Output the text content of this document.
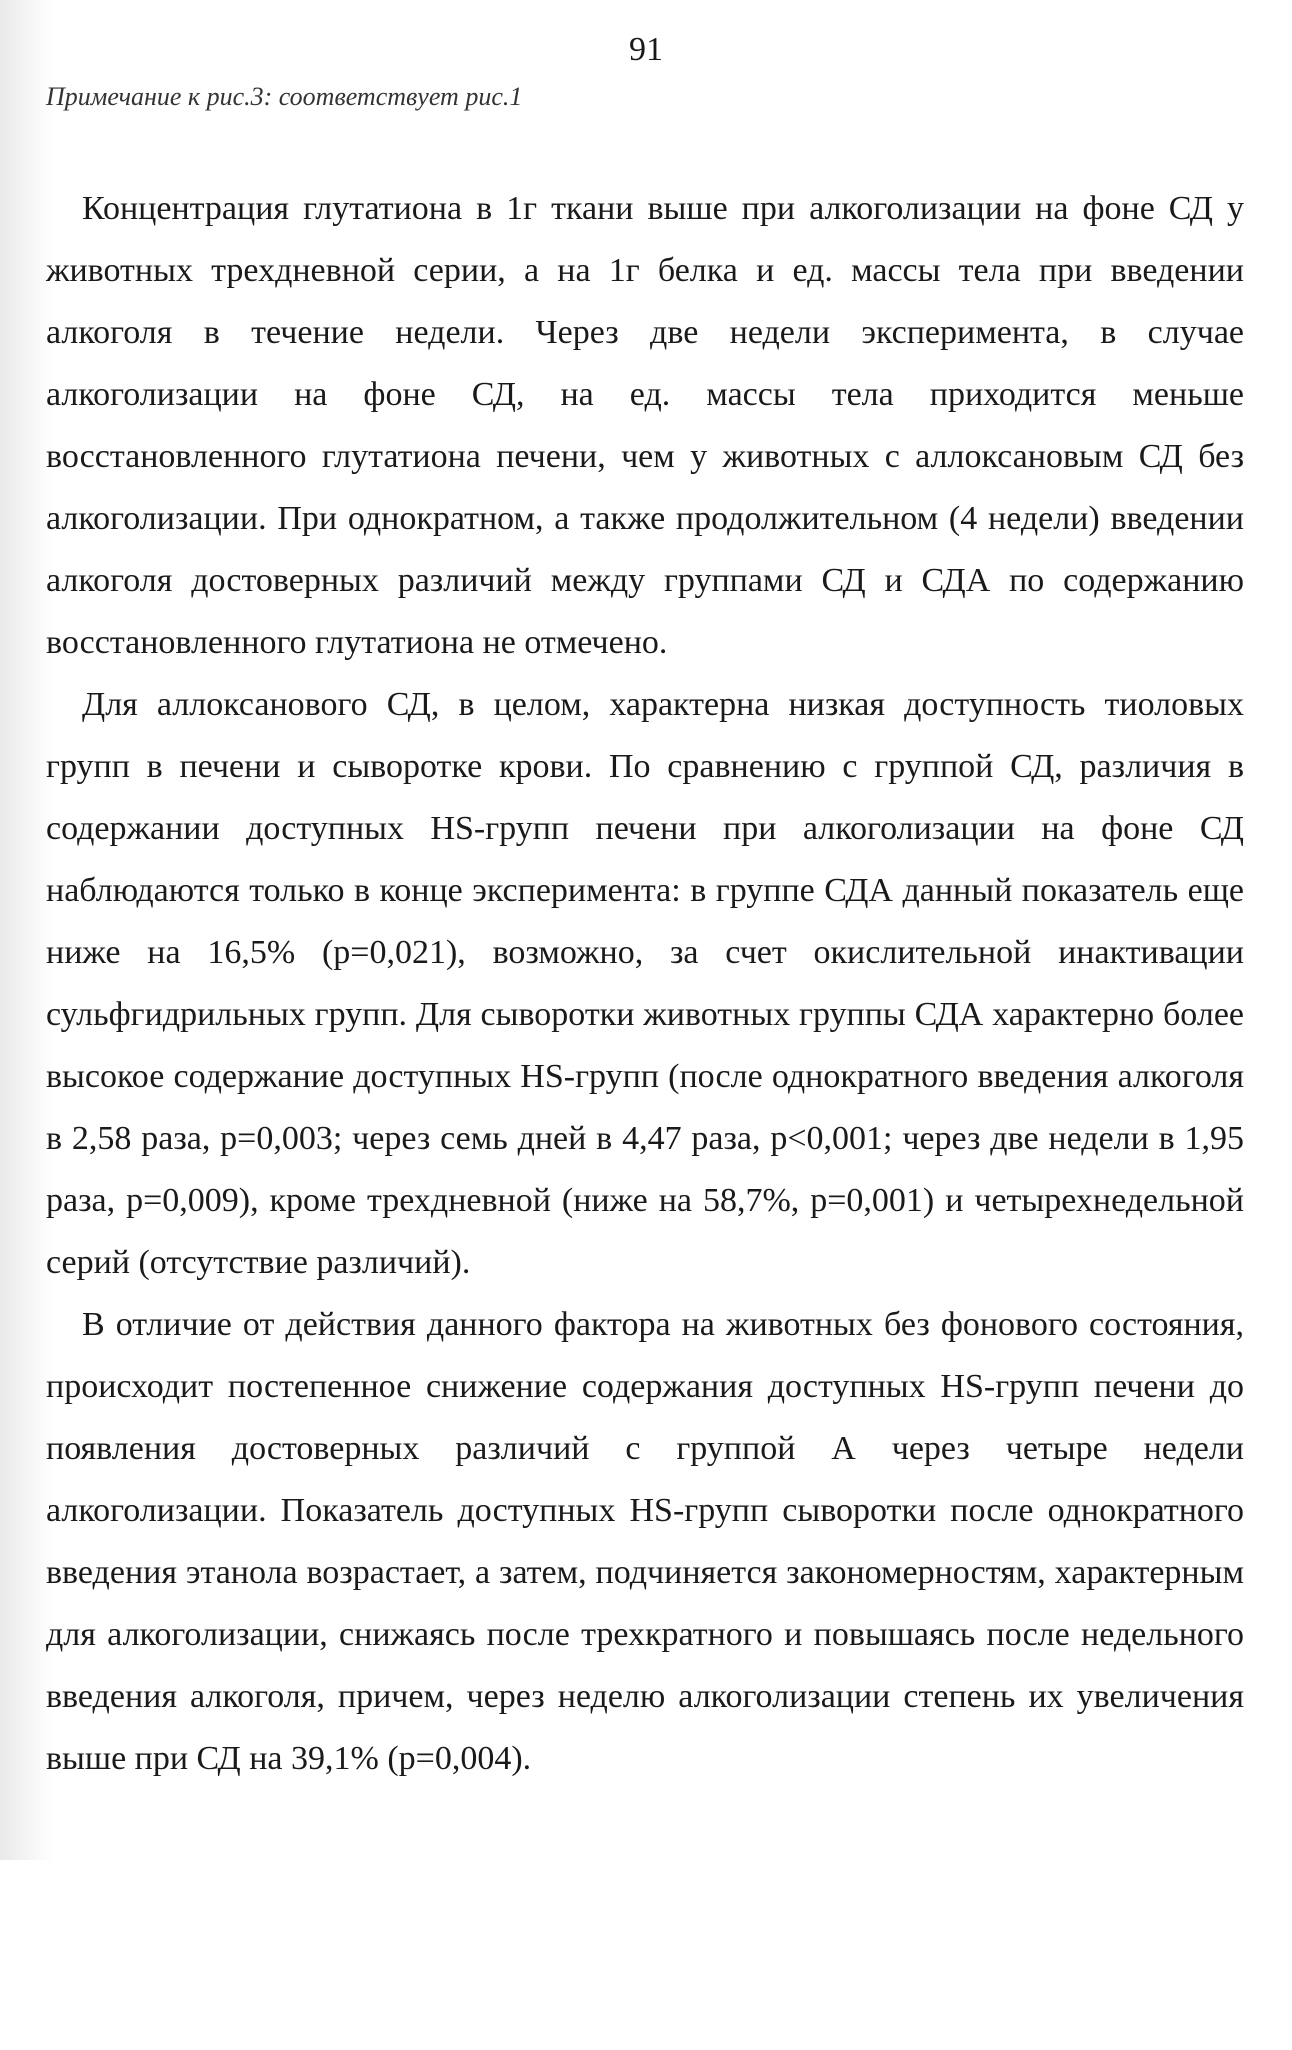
91
Примечание к рис.3: соответствует рис.1

Концентрация глутатиона в 1г ткани выше при алкоголизации на фоне СД у животных трехдневной серии, а на 1г белка и ед. массы тела при введении алкоголя в течение недели. Через две недели эксперимента, в случае алкоголизации на фоне СД, на ед. массы тела приходится меньше восстановленного глутатиона печени, чем у животных с аллоксановым СД без алкоголизации. При однократном, а также продолжительном (4 недели) введении алкоголя достоверных различий между группами СД и СДА по содержанию восстановленного глутатиона не отмечено.

Для аллоксанового СД, в целом, характерна низкая доступность тиоловых групп в печени и сыворотке крови. По сравнению с группой СД, различия в содержании доступных HS-групп печени при алкоголизации на фоне СД наблюдаются только в конце эксперимента: в группе СДА данный показатель еще ниже на 16,5% (р=0,021), возможно, за счет окислительной инактивации сульфгидрильных групп. Для сыворотки животных группы СДА характерно более высокое содержание доступных HS-групп (после однократного введения алкоголя в 2,58 раза, р=0,003; через семь дней в 4,47 раза, р<0,001; через две недели в 1,95 раза, р=0,009), кроме трехдневной (ниже на 58,7%, р=0,001) и четырехнедельной серий (отсутствие различий).

В отличие от действия данного фактора на животных без фонового состояния, происходит постепенное снижение содержания доступных HS-групп печени до появления достоверных различий с группой А через четыре недели алкоголизации. Показатель доступных HS-групп сыворотки после однократного введения этанола возрастает, а затем, подчиняется закономерностям, характерным для алкоголизации, снижаясь после трехкратного и повышаясь после недельного введения алкоголя, причем, через неделю алкоголизации степень их увеличения выше при СД на 39,1% (р=0,004).
